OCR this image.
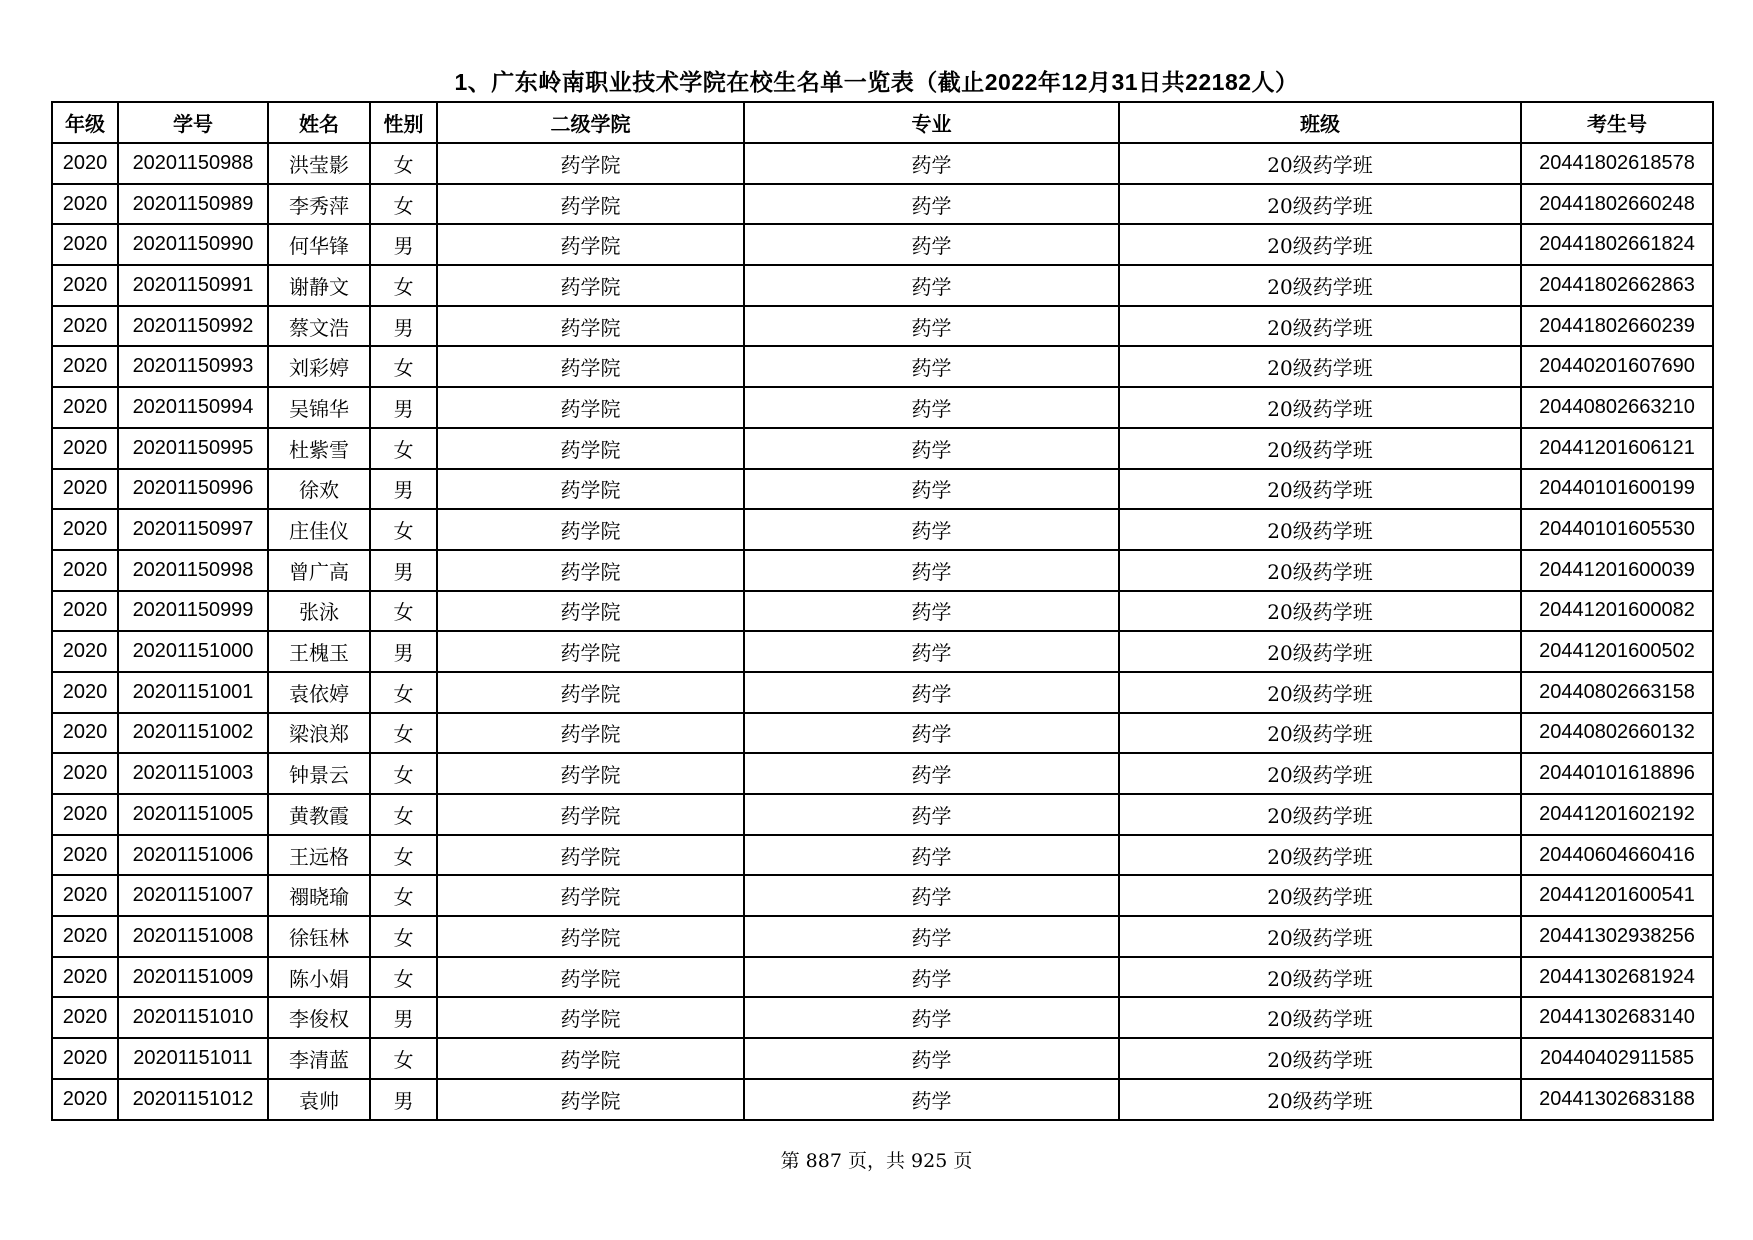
1、广东岭南职业技术学院在校生名单一览表（截止2022年12月31日共22182人）
年级	学号	姓名	性别	二级学院	专业	班级	考生号
2020	20201150988	洪莹影	女	药学院	药学	20级药学班	20441802618578
2020	20201150989	李秀萍	女	药学院	药学	20级药学班	20441802660248
2020	20201150990	何华锋	男	药学院	药学	20级药学班	20441802661824
2020	20201150991	谢静文	女	药学院	药学	20级药学班	20441802662863
2020	20201150992	蔡文浩	男	药学院	药学	20级药学班	20441802660239
2020	20201150993	刘彩婷	女	药学院	药学	20级药学班	20440201607690
2020	20201150994	吴锦华	男	药学院	药学	20级药学班	20440802663210
2020	20201150995	杜紫雪	女	药学院	药学	20级药学班	20441201606121
2020	20201150996	徐欢	男	药学院	药学	20级药学班	20440101600199
2020	20201150997	庄佳仪	女	药学院	药学	20级药学班	20440101605530
2020	20201150998	曾广高	男	药学院	药学	20级药学班	20441201600039
2020	20201150999	张泳	女	药学院	药学	20级药学班	20441201600082
2020	20201151000	王槐玉	男	药学院	药学	20级药学班	20441201600502
2020	20201151001	袁依婷	女	药学院	药学	20级药学班	20440802663158
2020	20201151002	梁浪郑	女	药学院	药学	20级药学班	20440802660132
2020	20201151003	钟景云	女	药学院	药学	20级药学班	20440101618896
2020	20201151005	黄教霞	女	药学院	药学	20级药学班	20441201602192
2020	20201151006	王远格	女	药学院	药学	20级药学班	20440604660416
2020	20201151007	禤晓瑜	女	药学院	药学	20级药学班	20441201600541
2020	20201151008	徐钰林	女	药学院	药学	20级药学班	20441302938256
2020	20201151009	陈小娟	女	药学院	药学	20级药学班	20441302681924
2020	20201151010	李俊权	男	药学院	药学	20级药学班	20441302683140
2020	20201151011	李清蓝	女	药学院	药学	20级药学班	20440402911585
2020	20201151012	袁帅	男	药学院	药学	20级药学班	20441302683188
第 887 页，共 925 页
